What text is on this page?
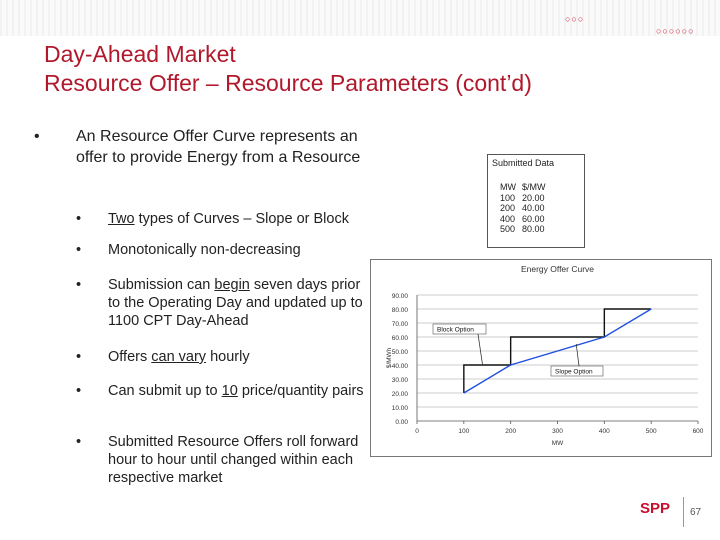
○○○
○○○○○○
Day-Ahead Market
Resource Offer – Resource Parameters (cont’d)
• An Resource Offer Curve represents an offer to provide Energy from a Resource
• Two types of Curves – Slope or Block
• Monotonically non-decreasing
• Submission can begin seven days prior to the Operating Day and updated up to 1100 CPT Day-Ahead
• Offers can vary hourly
• Can submit up to 10 price/quantity pairs
• Submitted Resource Offers roll forward hour to hour until changed within each respective market
Submitted Data
MW	$/MW
100	20.00
200	40.00
400	60.00
500	80.00
Energy Offer Curve
0.00
10.00
20.00
30.00
40.00
50.00
60.00
70.00
80.00
90.00
0	100	200	300	400	500	600
MW
$/MWh
Block Option
Slope Option
SPP 67
